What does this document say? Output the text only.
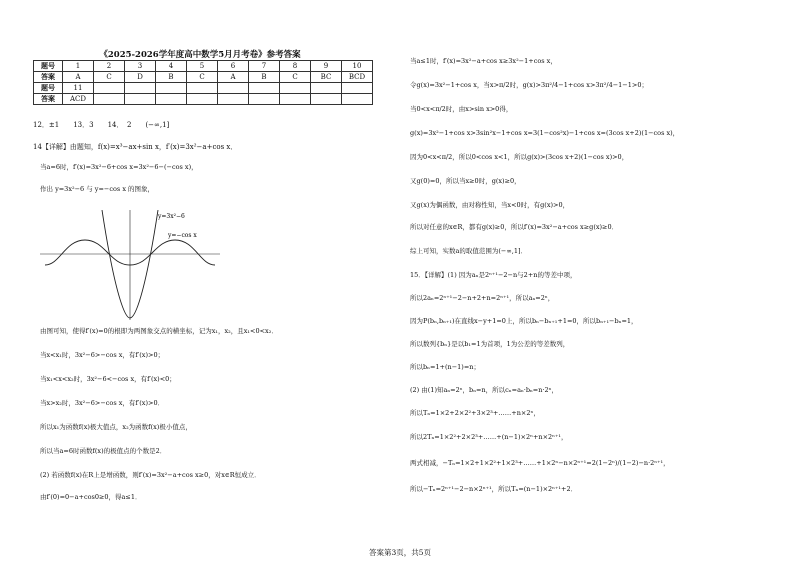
《2025-2026学年度高中数学5月月考卷》参考答案
题号	1	2	3	4	5	6	7	8	9	10
答案	A	C	D	B	C	A	B	C	BC	BCD
题号	11									
答案	ACD									
12．±1　　13．3　　14．　2　　(−∞,1]
14【详解】由题知，f(x)=x³−ax+sin x，f′(x)=3x²−a+cos x．
当a=6时，f′(x)=3x²−6+cos x=3x²−6−(−cos x)，
作出 y=3x²−6 与 y=−cos x 的图象，
y=3x²−6
y=−cos x
由图可知，使得f′(x)=0的根即为两图象交点的横坐标，记为x₁，x₂，且x₁<0<x₂．
当x<x₁时，3x²−6>−cos x，有f′(x)>0；
当x₁<x<x₂时，3x²−6<−cos x，有f′(x)<0；
当x>x₂时，3x²−6>−cos x，有f′(x)>0．
所以x₁为函数f(x)极大值点，x₂为函数f(x)极小值点，
所以当a=6时函数f(x)的极值点的个数是2．
(2) 若函数f(x)在R上是增函数，则f′(x)=3x²−a+cos x≥0，对x∈R恒成立．
由f′(0)=0−a+cos0≥0，得a≤1．
当a≤1时，f′(x)=3x²−a+cos x≥3x²−1+cos x，
令g(x)=3x²−1+cos x，当x>π/2时，g(x)>3π²/4−1+cos x>3π²/4−1−1>0；
当0<x<π/2时，由x>sin x>0得，
g(x)=3x²−1+cos x>3sin²x−1+cos x=3(1−cos²x)−1+cos x=(3cos x+2)(1−cos x)，
因为0<x<π/2，所以0<cos x<1，所以g(x)>(3cos x+2)(1−cos x)>0，
又g(0)=0，所以当x≥0时，g(x)≥0，
又g(x)为偶函数，由对称性知，当x<0时，有g(x)>0，
所以对任意的x∈R，都有g(x)≥0，所以f′(x)=3x²−a+cos x≥g(x)≥0．
综上可知，实数a的取值范围为(−∞,1]．
15．【详解】(1) 因为aₙ是2ⁿ⁺¹−2−n与2+n的等差中项，
所以2aₙ=2ⁿ⁺¹−2−n+2+n=2ⁿ⁺¹，所以aₙ=2ⁿ，
因为P(bₙ,bₙ₊₁)在直线x−y+1=0上，所以bₙ−bₙ₊₁+1=0，所以bₙ₊₁−bₙ=1，
所以数列{bₙ}是以b₁=1为首项，1为公差的等差数列，
所以bₙ=1+(n−1)=n；
(2) 由(1)知aₙ=2ⁿ，bₙ=n，所以cₙ=aₙ·bₙ=n·2ⁿ，
所以Tₙ=1×2+2×2²+3×2³+……+n×2ⁿ，
所以2Tₙ=1×2²+2×2³+……+(n−1)×2ⁿ+n×2ⁿ⁺¹，
两式相减，−Tₙ=1×2+1×2²+1×2³+……+1×2ⁿ−n×2ⁿ⁺¹=2(1−2ⁿ)/(1−2)−n·2ⁿ⁺¹，
所以−Tₙ=2ⁿ⁺¹−2−n×2ⁿ⁺¹，所以Tₙ=(n−1)×2ⁿ⁺¹+2．
答案第3页，共5页
